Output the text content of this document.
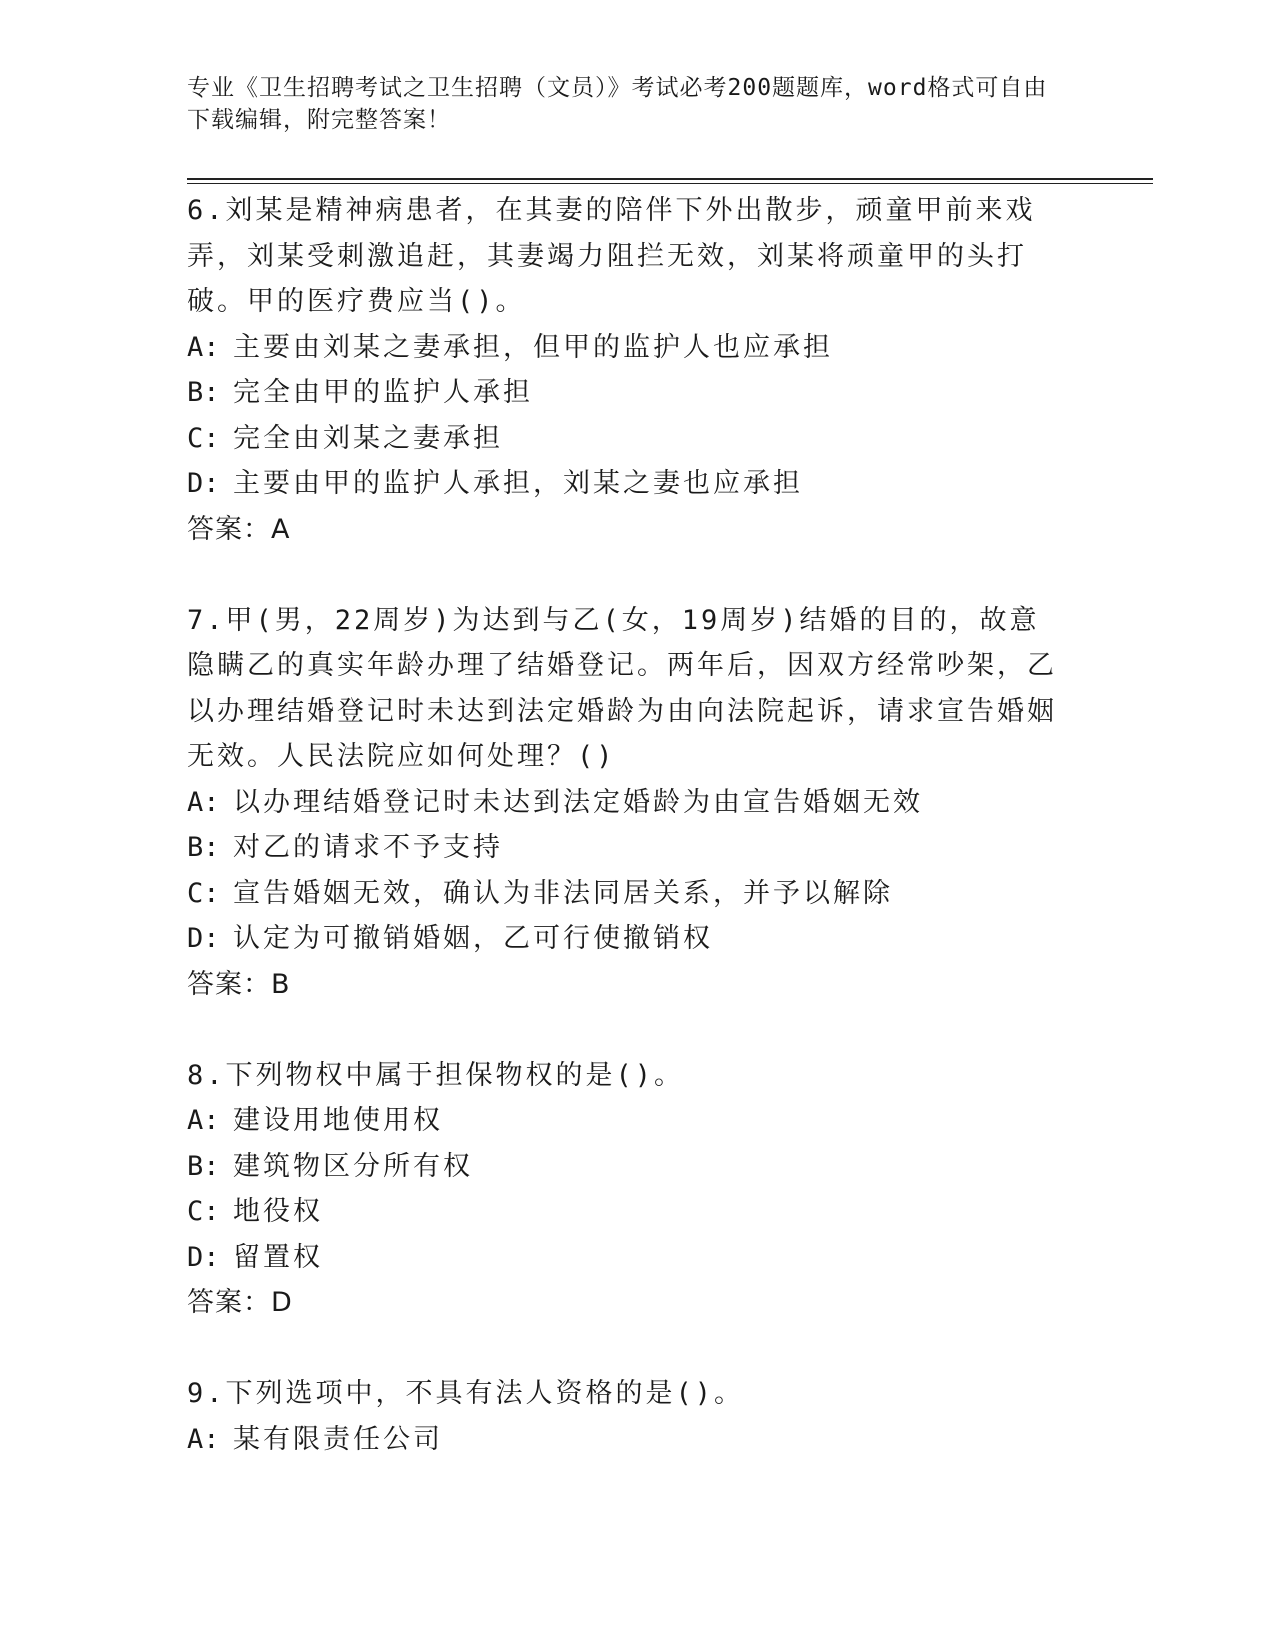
专业《卫生招聘考试之卫生招聘（文员）》考试必考200题题库，word格式可自由下载编辑，附完整答案！

6.刘某是精神病患者，在其妻的陪伴下外出散步，顽童甲前来戏弄，刘某受刺激追赶，其妻竭力阻拦无效，刘某将顽童甲的头打破。甲的医疗费应当()。

A: 主要由刘某之妻承担，但甲的监护人也应承担

B: 完全由甲的监护人承担

C: 完全由刘某之妻承担

D: 主要由甲的监护人承担，刘某之妻也应承担

答案：A

7.甲(男，22周岁)为达到与乙(女，19周岁)结婚的目的，故意隐瞒乙的真实年龄办理了结婚登记。两年后，因双方经常吵架，乙以办理结婚登记时未达到法定婚龄为由向法院起诉，请求宣告婚姻无效。人民法院应如何处理？()

A: 以办理结婚登记时未达到法定婚龄为由宣告婚姻无效

B: 对乙的请求不予支持

C: 宣告婚姻无效，确认为非法同居关系，并予以解除

D: 认定为可撤销婚姻，乙可行使撤销权

答案：B

8.下列物权中属于担保物权的是()。

A: 建设用地使用权

B: 建筑物区分所有权

C: 地役权

D: 留置权

答案：D

9.下列选项中，不具有法人资格的是()。

A: 某有限责任公司
